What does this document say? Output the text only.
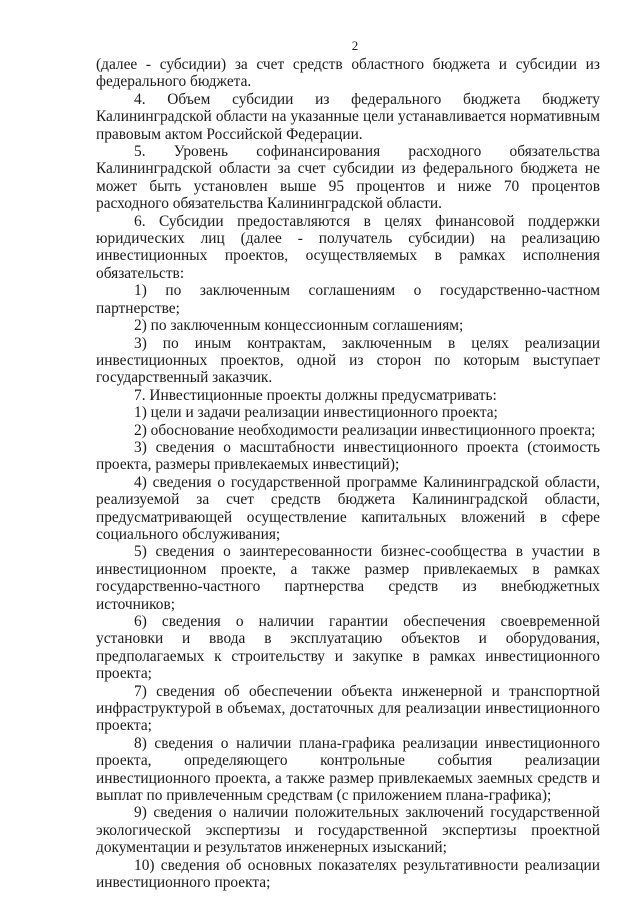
2

(далее - субсидии) за счет средств областного бюджета и субсидии из федерального бюджета.

4. Объем субсидии из федерального бюджета бюджету Калининградской области на указанные цели устанавливается нормативным правовым актом Российской Федерации.

5. Уровень софинансирования расходного обязательства Калининградской области за счет субсидии из федерального бюджета не может быть установлен выше 95 процентов и ниже 70 процентов расходного обязательства Калининградской области.

6. Субсидии предоставляются в целях финансовой поддержки юридических лиц (далее - получатель субсидии) на реализацию инвестиционных проектов, осуществляемых в рамках исполнения обязательств:

1) по заключенным соглашениям о государственно-частном партнерстве;

2) по заключенным концессионным соглашениям;

3) по иным контрактам, заключенным в целях реализации инвестиционных проектов, одной из сторон по которым выступает государственный заказчик.

7. Инвестиционные проекты должны предусматривать:

1) цели и задачи реализации инвестиционного проекта;

2) обоснование необходимости реализации инвестиционного проекта;

3) сведения о масштабности инвестиционного проекта (стоимость проекта, размеры привлекаемых инвестиций);

4) сведения о государственной программе Калининградской области, реализуемой за счет средств бюджета Калининградской области, предусматривающей осуществление капитальных вложений в сфере социального обслуживания;

5) сведения о заинтересованности бизнес-сообщества в участии в инвестиционном проекте, а также размер привлекаемых в рамках государственно-частного партнерства средств из внебюджетных источников;

6) сведения о наличии гарантии обеспечения своевременной установки и ввода в эксплуатацию объектов и оборудования, предполагаемых к строительству и закупке в рамках инвестиционного проекта;

7) сведения об обеспечении объекта инженерной и транспортной инфраструктурой в объемах, достаточных для реализации инвестиционного проекта;

8) сведения о наличии плана-графика реализации инвестиционного проекта, определяющего контрольные события реализации инвестиционного проекта, а также размер привлекаемых заемных средств и выплат по привлеченным средствам (с приложением плана-графика);

9) сведения о наличии положительных заключений государственной экологической экспертизы и государственной экспертизы проектной документации и результатов инженерных изысканий;

10) сведения об основных показателях результативности реализации инвестиционного проекта;
